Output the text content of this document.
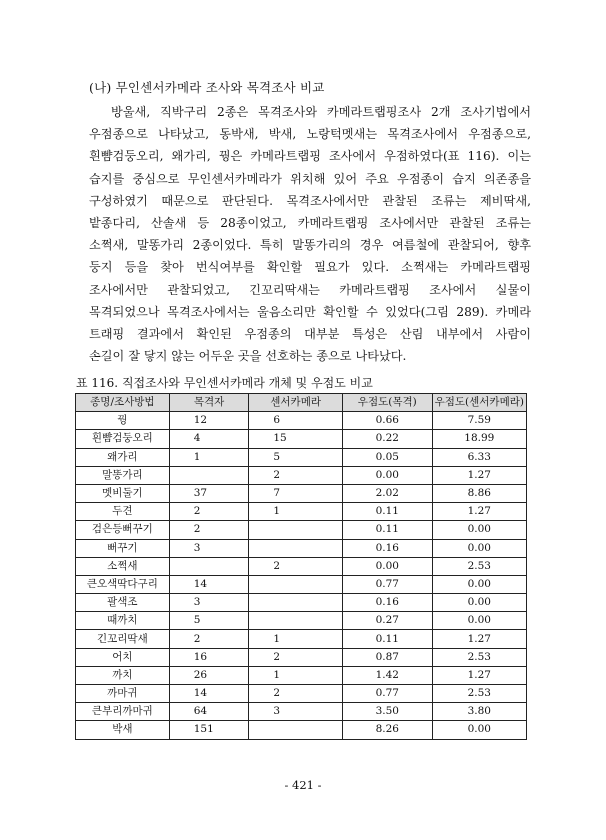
(나) 무인센서카메라 조사와 목격조사 비교
방울새, 직박구리 2종은 목격조사와 카메라트랩핑조사 2개 조사기법에서
우점종으로 나타났고, 동박새, 박새, 노랑턱멧새는 목격조사에서 우점종으로,
흰뺨검둥오리, 왜가리, 꿩은 카메라트랩핑 조사에서 우점하였다(표 116). 이는
습지를 중심으로 무인센서카메라가 위치해 있어 주요 우점종이 습지 의존종을
구성하였기 때문으로 판단된다. 목격조사에서만 관찰된 조류는 제비딱새,
밭종다리, 산솔새 등 28종이었고, 카메라트랩핑 조사에서만 관찰된 조류는
소쩍새, 말똥가리 2종이었다. 특히 말똥가리의 경우 여름철에 관찰되어, 향후
둥지 등을 찾아 번식여부를 확인할 필요가 있다. 소쩍새는 카메라트랩핑
조사에서만 관찰되었고, 긴꼬리딱새는 카메라트랩핑 조사에서 실물이
목격되었으나 목격조사에서는 울음소리만 확인할 수 있었다(그림 289). 카메라
트래핑 결과에서 확인된 우점종의 대부분 특성은 산림 내부에서 사람이
손길이 잘 닿지 않는 어두운 곳을 선호하는 종으로 나타났다.
표 116. 직접조사와 무인센서카메라 개체 및 우점도 비교
종명/조사방법	목격자	센서카메라	우점도(목격)	우점도(센서카메라)
꿩	12	6	0.66	7.59
흰뺨검둥오리	4	15	0.22	18.99
왜가리	1	5	0.05	6.33
말똥가리		2	0.00	1.27
멧비둘기	37	7	2.02	8.86
두견	2	1	0.11	1.27
검은등뻐꾸기	2		0.11	0.00
뻐꾸기	3		0.16	0.00
소쩍새		2	0.00	2.53
큰오색딱다구리	14		0.77	0.00
팔색조	3		0.16	0.00
때까치	5		0.27	0.00
긴꼬리딱새	2	1	0.11	1.27
어치	16	2	0.87	2.53
까치	26	1	1.42	1.27
까마귀	14	2	0.77	2.53
큰부리까마귀	64	3	3.50	3.80
박새	151		8.26	0.00
- 421 -
